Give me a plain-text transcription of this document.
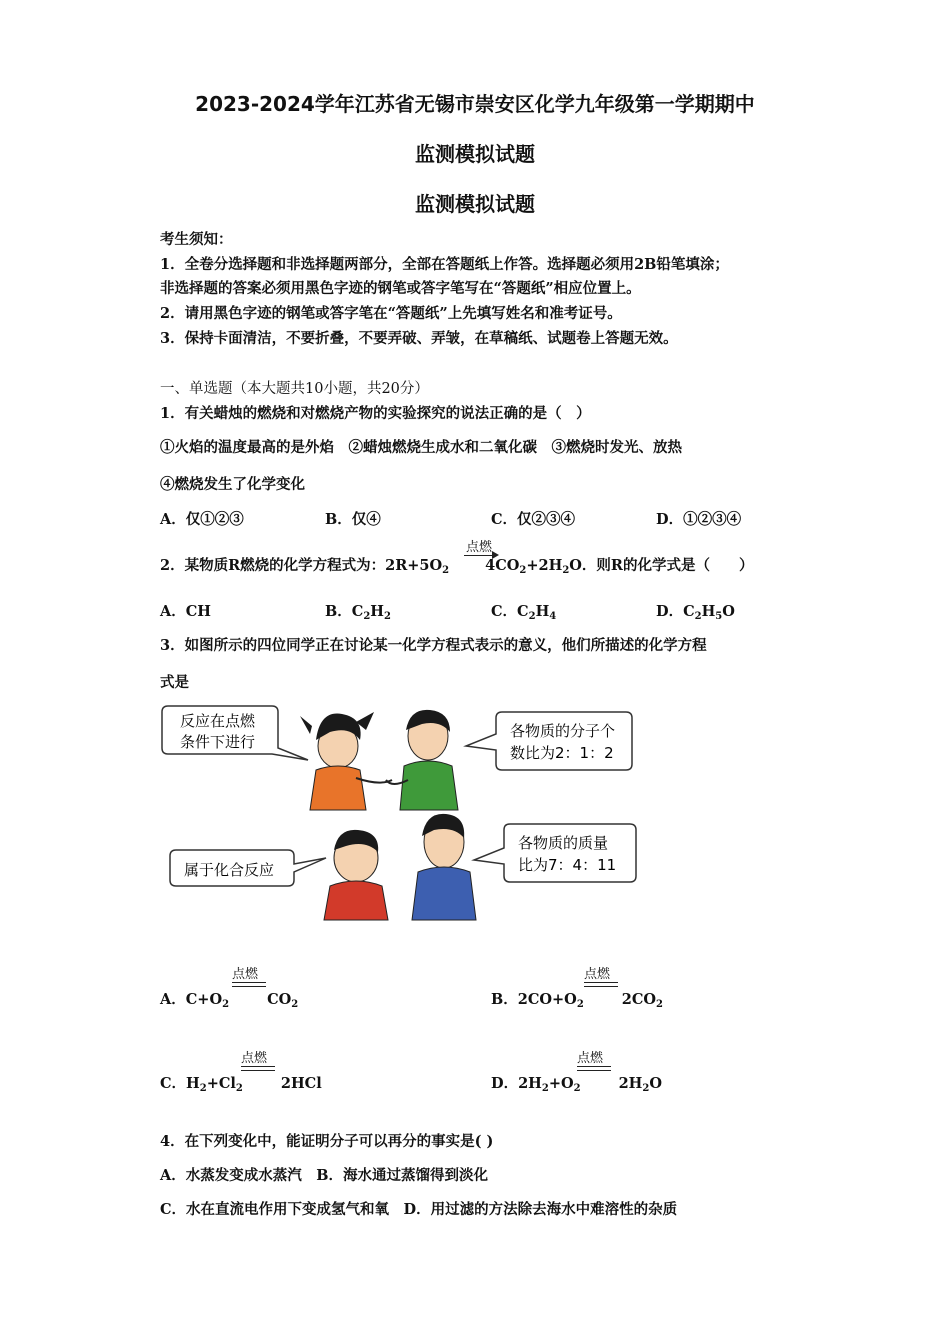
2023-2024学年江苏省无锡市崇安区化学九年级第一学期期中
监测模拟试题
监测模拟试题
考生须知：
1．全卷分选择题和非选择题两部分，全部在答题纸上作答。选择题必须用2B铅笔填涂；
非选择题的答案必须用黑色字迹的钢笔或答字笔写在“答题纸”相应位置上。
2．请用黑色字迹的钢笔或答字笔在“答题纸”上先填写姓名和准考证号。
3．保持卡面清洁，不要折叠，不要弄破、弄皱，在草稿纸、试题卷上答题无效。
一、单选题（本大题共10小题，共20分）
1．有关蜡烛的燃烧和对燃烧产物的实验探究的说法正确的是（　）
①火焰的温度最高的是外焰　②蜡烛燃烧生成水和二氧化碳　③燃烧时发光、放热
④燃烧发生了化学变化
A．仅①②③	B．仅④	C．仅②③④	D．①②③④
点燃
2．某物质R燃烧的化学方程式为：$2R+5O_2$ $4CO_2+2H_2O$．则R的化学式是（　　）
A．CH	B．$C_2H_2$	C．$C_2H_4$	D．$C_2H_5O$
3．如图所示的四位同学正在讨论某一化学方程式表示的意义，他们所描述的化学方程
式是
反应在点燃
条件下进行
各物质的分子个
数比为2：1：2
属于化合反应
各物质的质量
比为7：4：11
点燃
A．$C+O_2$	$CO_2$
点燃
B．$2CO+O_2$	$2CO_2$
点燃
C．$H_2+Cl_2$	2HCl
点燃
D．$2H_2+O_2$	$2H_2O$
4．在下列变化中，能证明分子可以再分的事实是( )
A．水蒸发变成水蒸汽　B．海水通过蒸馏得到淡化
C．水在直流电作用下变成氢气和氧　D．用过滤的方法除去海水中难溶性的杂质
